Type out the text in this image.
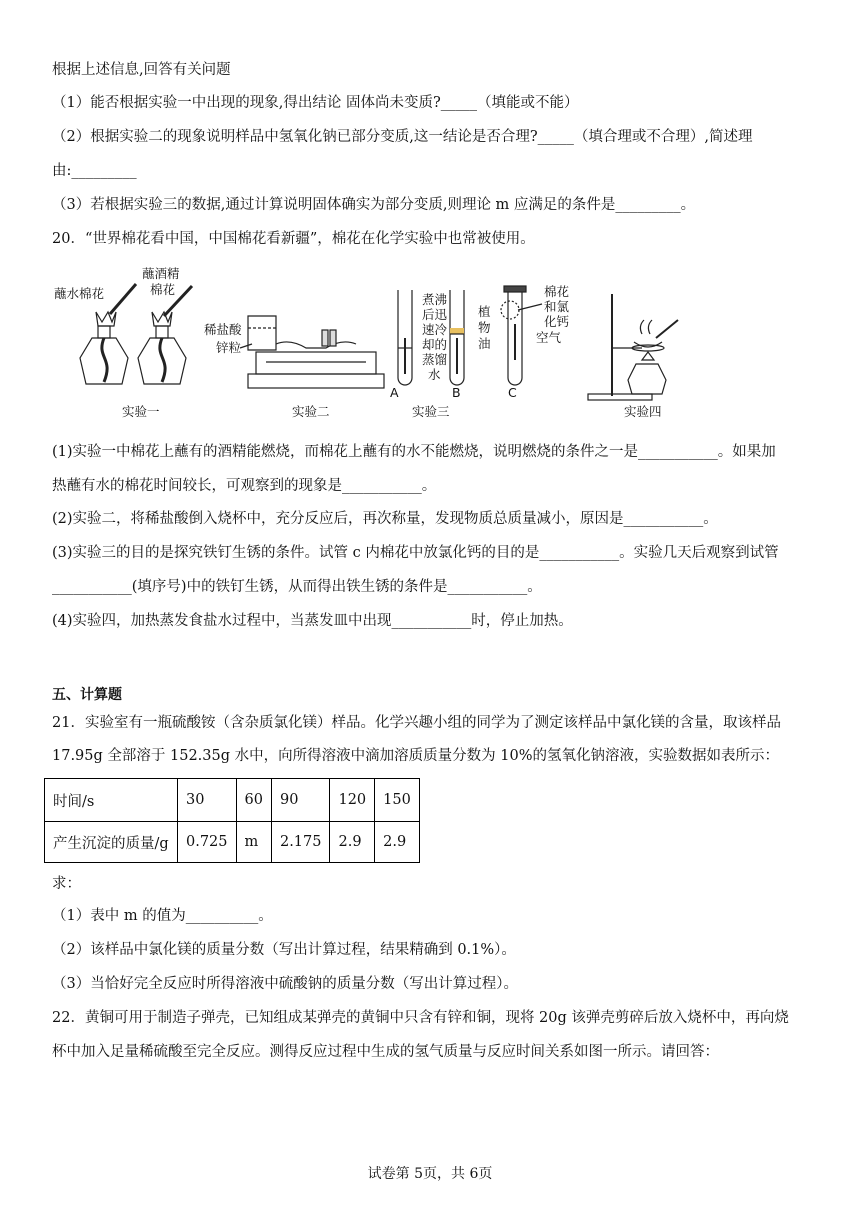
根据上述信息,回答有关问题
（1）能否根据实验一中出现的现象,得出结论 固体尚未变质?_____（填能或不能）
（2）根据实验二的现象说明样品中氢氧化钠已部分变质,这一结论是否合理?_____（填合理或不合理）,简述理
由:_________
（3）若根据实验三的数据,通过计算说明固体确实为部分变质,则理论 m 应满足的条件是_________。
20．“世界棉花看中国，中国棉花看新疆”，棉花在化学实验中也常被使用。
蘸水棉花
蘸酒精
棉花
实验一
稀盐酸
锌粒
实验二
煮沸
后迅
速冷
却的
蒸馏
水
植
物
油
A	B	C
实验三
棉花
和氯
化钙
空气
实验四
(1)实验一中棉花上蘸有的酒精能燃烧，而棉花上蘸有的水不能燃烧，说明燃烧的条件之一是___________。如果加
热蘸有水的棉花时间较长，可观察到的现象是___________。
(2)实验二，将稀盐酸倒入烧杯中，充分反应后，再次称量，发现物质总质量减小，原因是___________。
(3)实验三的目的是探究铁钉生锈的条件。试管 c 内棉花中放氯化钙的目的是___________。实验几天后观察到试管
___________(填序号)中的铁钉生锈，从而得出铁生锈的条件是___________。
(4)实验四，加热蒸发食盐水过程中，当蒸发皿中出现___________时，停止加热。
五、计算题
21．实验室有一瓶硫酸铵（含杂质氯化镁）样品。化学兴趣小组的同学为了测定该样品中氯化镁的含量，取该样品
17.95g 全部溶于 152.35g 水中，向所得溶液中滴加溶质质量分数为 10%的氢氧化钠溶液，实验数据如表所示：
时间/s	30	60	90	120	150
产生沉淀的质量/g	0.725	m	2.175	2.9	2.9
求：
（1）表中 m 的值为__________。
（2）该样品中氯化镁的质量分数（写出计算过程，结果精确到 0.1%）。
（3）当恰好完全反应时所得溶液中硫酸钠的质量分数（写出计算过程）。
22．黄铜可用于制造子弹壳，已知组成某弹壳的黄铜中只含有锌和铜，现将 20g 该弹壳剪碎后放入烧杯中，再向烧
杯中加入足量稀硫酸至完全反应。测得反应过程中生成的氢气质量与反应时间关系如图一所示。请回答：
试卷第 5页，共 6页
